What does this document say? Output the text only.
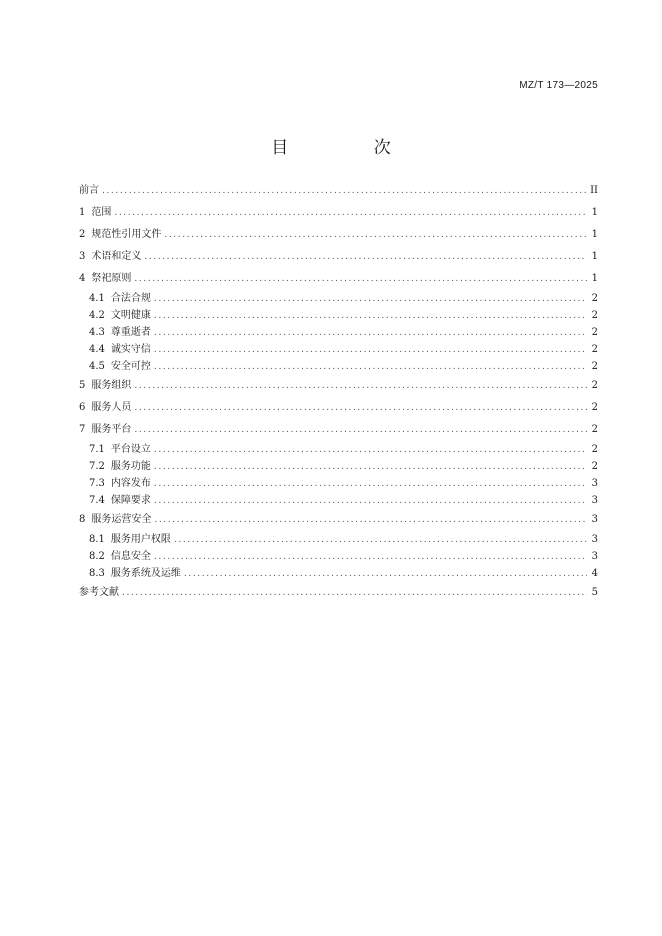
MZ/T 173—2025
目 次
前言 .....	II
1 范围 .....	1
2 规范性引用文件 .....	1
3 术语和定义 .....	1
4 祭祀原则 .....	1
4.1 合法合规 .....	2
4.2 文明健康 .....	2
4.3 尊重逝者 .....	2
4.4 诚实守信 .....	2
4.5 安全可控 .....	2
5 服务组织 .....	2
6 服务人员 .....	2
7 服务平台 .....	2
7.1 平台设立 .....	2
7.2 服务功能 .....	2
7.3 内容发布 .....	3
7.4 保障要求 .....	3
8 服务运营安全 .....	3
8.1 服务用户权限 .....	3
8.2 信息安全 .....	3
8.3 服务系统及运维 .....	4
参考文献 .....	5
